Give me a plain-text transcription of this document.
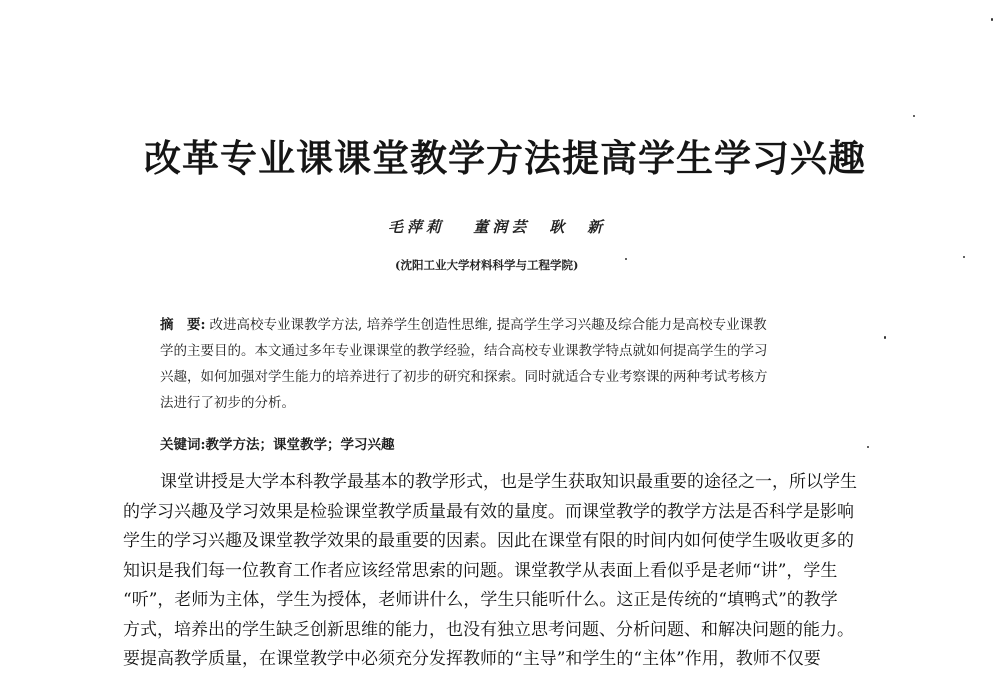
改革专业课课堂教学方法提高学生学习兴趣
毛萍莉　 董润芸　耿　新
(沈阳工业大学材料科学与工程学院)
摘　要: 改进高校专业课教学方法, 培养学生创造性思维, 提高学生学习兴趣及综合能力是高校专业课教
学的主要目的。本文通过多年专业课课堂的教学经验，结合高校专业课教学特点就如何提高学生的学习
兴趣，如何加强对学生能力的培养进行了初步的研究和探索。同时就适合专业考察课的两种考试考核方
法进行了初步的分析。
关键词:教学方法；课堂教学；学习兴趣
课堂讲授是大学本科教学最基本的教学形式，也是学生获取知识最重要的途径之一，所以学生
的学习兴趣及学习效果是检验课堂教学质量最有效的量度。而课堂教学的教学方法是否科学是影响
学生的学习兴趣及课堂教学效果的最重要的因素。因此在课堂有限的时间内如何使学生吸收更多的
知识是我们每一位教育工作者应该经常思索的问题。课堂教学从表面上看似乎是老师“讲”，学生
“听”，老师为主体，学生为授体，老师讲什么，学生只能听什么。这正是传统的“填鸭式”的教学
方式，培养出的学生缺乏创新思维的能力，也没有独立思考问题、分析问题、和解决问题的能力。
要提高教学质量，在课堂教学中必须充分发挥教师的“主导”和学生的“主体”作用，教师不仅要
